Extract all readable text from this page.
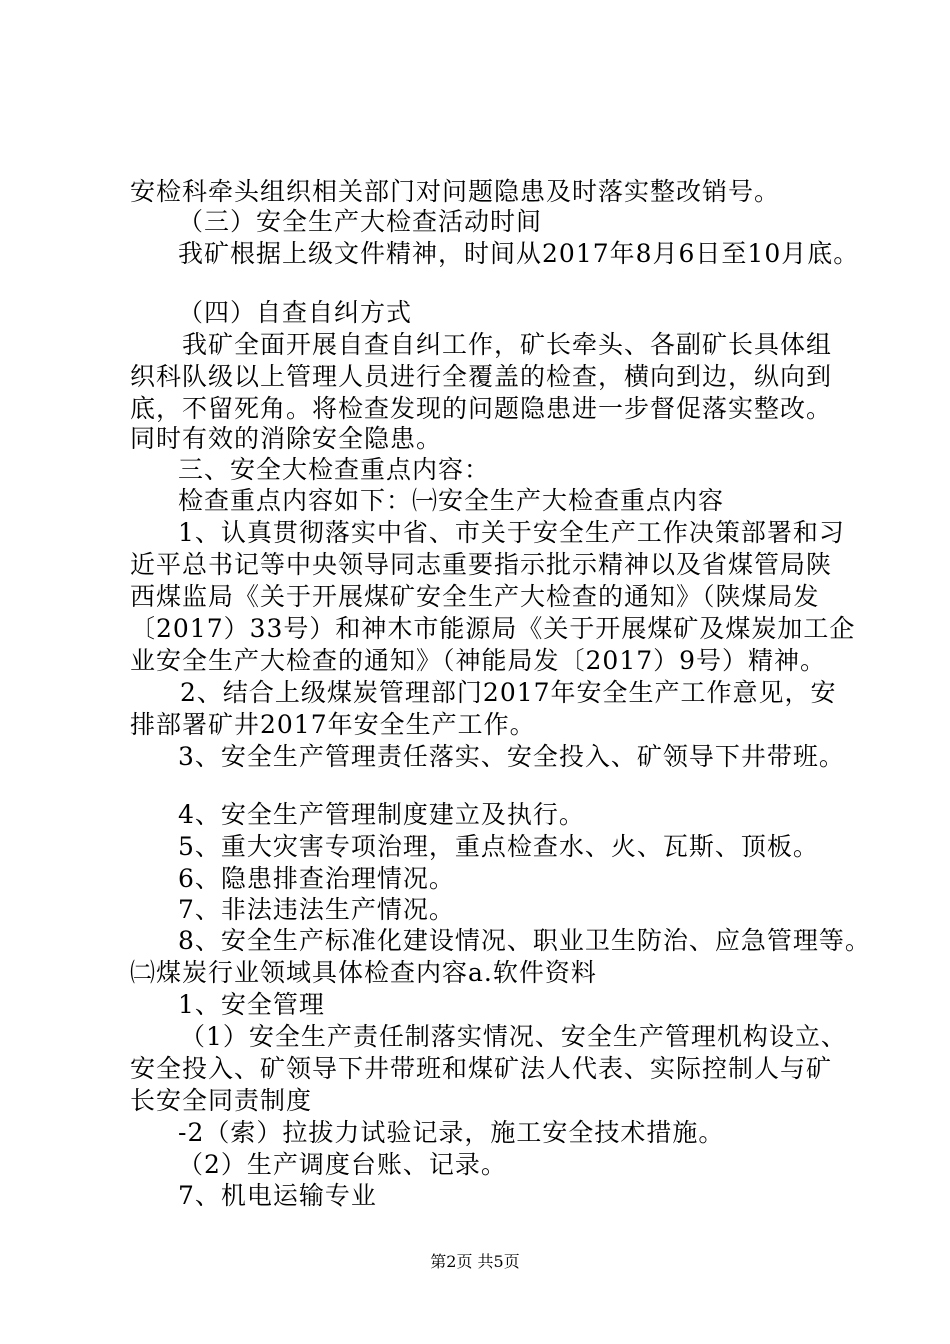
安检科牵头组织相关部门对问题隐患及时落实整改销号。
（三）安全生产大检查活动时间
我矿根据上级文件精神，时间从2017年8月6日至10月底。
（四）自查自纠方式
我矿全面开展自查自纠工作，矿长牵头、各副矿长具体组
织科队级以上管理人员进行全覆盖的检查，横向到边，纵向到
底，不留死角。将检查发现的问题隐患进一步督促落实整改。
同时有效的消除安全隐患。
三、安全大检查重点内容：
检查重点内容如下：㈠安全生产大检查重点内容
1、认真贯彻落实中省、市关于安全生产工作决策部署和习
近平总书记等中央领导同志重要指示批示精神以及省煤管局陕
西煤监局《关于开展煤矿安全生产大检查的通知》（陕煤局发
〔2017）33号）和神木市能源局《关于开展煤矿及煤炭加工企
业安全生产大检查的通知》（神能局发〔2017）9号）精神。
2、结合上级煤炭管理部门2017年安全生产工作意见，安
排部署矿井2017年安全生产工作。
3、安全生产管理责任落实、安全投入、矿领导下井带班。
4、安全生产管理制度建立及执行。
5、重大灾害专项治理，重点检查水、火、瓦斯、顶板。
6、隐患排查治理情况。
7、非法违法生产情况。
8、安全生产标准化建设情况、职业卫生防治、应急管理等。
㈡煤炭行业领域具体检查内容a.软件资料
1、安全管理
（1）安全生产责任制落实情况、安全生产管理机构设立、
安全投入、矿领导下井带班和煤矿法人代表、实际控制人与矿
长安全同责制度
-2（索）拉拔力试验记录，施工安全技术措施。
（2）生产调度台账、记录。
7、机电运输专业
第2页 共5页
